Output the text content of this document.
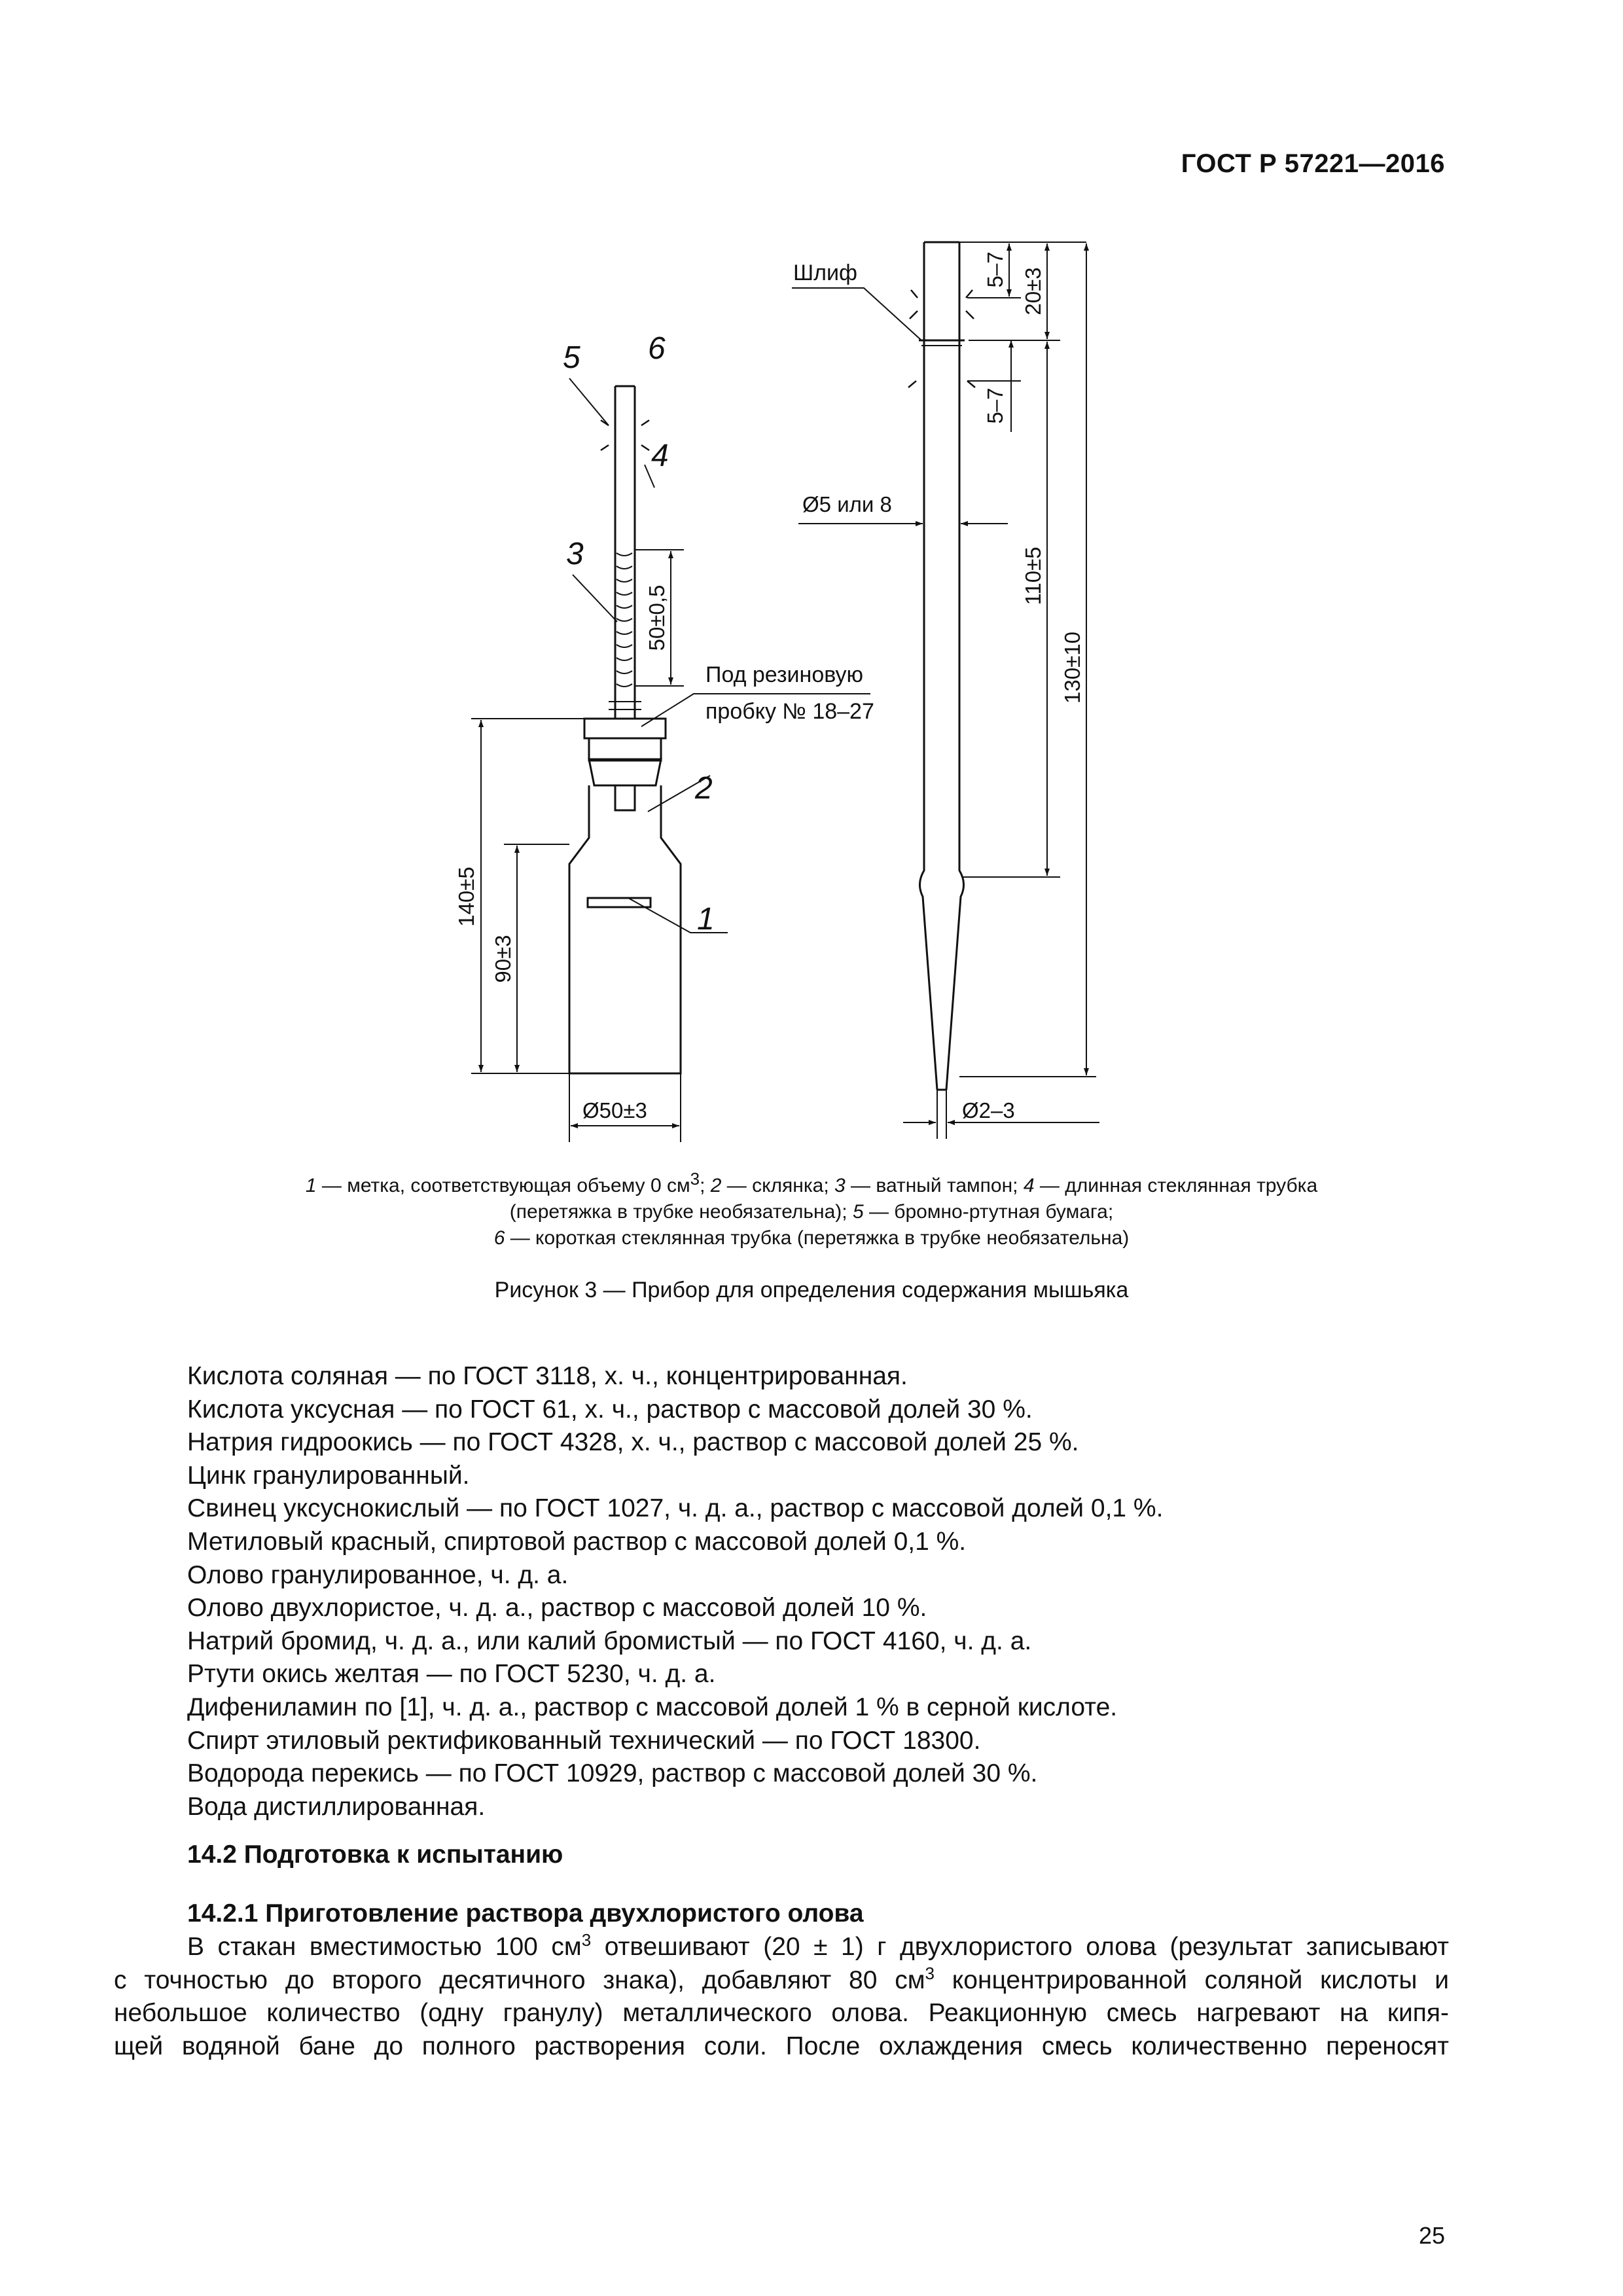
ГОСТ Р 57221—2016
5 6
4
3
2
1
Шлиф
Под резиновую
пробку № 18–27
Ø5 или 8
Ø2–3
Ø50±3
5–7 20±3
5–7
110±5
130±10
50±0,5
140±5
90±3
1 — метка, соответствующая объему 0 $см^3$; 2 — склянка; 3 — ватный тампон; 4 — длинная стеклянная трубка
(перетяжка в трубке необязательна); 5 — бромно-ртутная бумага;
6 — короткая стеклянная трубка (перетяжка в трубке необязательна)
Рисунок 3 — Прибор для определения содержания мышьяка
Кислота соляная — по ГОСТ 3118, х. ч., концентрированная.
Кислота уксусная — по ГОСТ 61, х. ч., раствор с массовой долей 30 %.
Натрия гидроокись — по ГОСТ 4328, х. ч., раствор с массовой долей 25 %.
Цинк гранулированный.
Свинец уксуснокислый — по ГОСТ 1027, ч. д. а., раствор с массовой долей 0,1 %.
Метиловый красный, спиртовой раствор с массовой долей 0,1 %.
Олово гранулированное, ч. д. а.
Олово двухлористое, ч. д. а., раствор с массовой долей 10 %.
Натрий бромид, ч. д. а., или калий бромистый — по ГОСТ 4160, ч. д. а.
Ртути окись желтая — по ГОСТ 5230, ч. д. а.
Дифениламин по [1], ч. д. а., раствор с массовой долей 1 % в серной кислоте.
Спирт этиловый ректификованный технический — по ГОСТ 18300.
Водорода перекись — по ГОСТ 10929, раствор с массовой долей 30 %.
Вода дистиллированная.
14.2 Подготовка к испытанию
14.2.1 Приготовление раствора двухлористого олова
В стакан вместимостью 100 $см^3$ отвешивают (20 ± 1) г двухлористого олова (результат записывают
с точностью до второго десятичного знака), добавляют 80 $см^3$ концентрированной соляной кислоты и
небольшое количество (одну гранулу) металлического олова. Реакционную смесь нагревают на кипя-
щей водяной бане до полного растворения соли. После охлаждения смесь количественно переносят
25
